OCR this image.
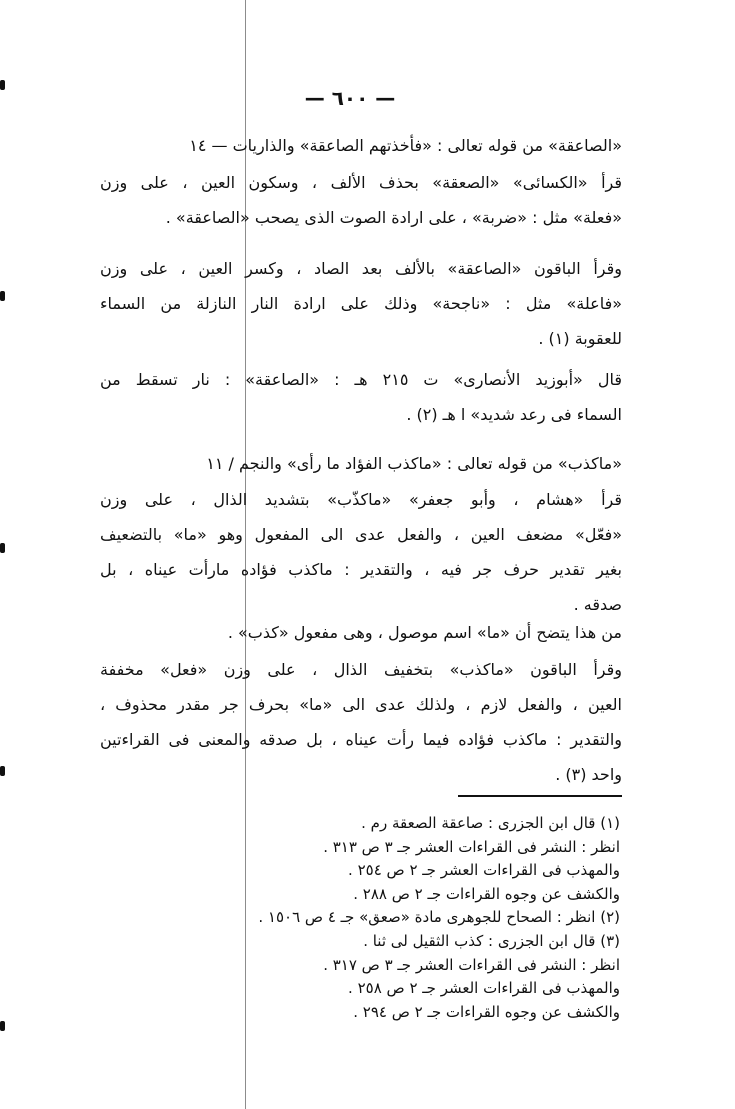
— ٦٠٠ —

«الصاعقة» من قوله تعالى : «فأخذتهم الصاعقة» والذاريات — ١٤

قرأ «الكسائى» «الصعقة» بحذف الألف ، وسكون العين ، على وزن
«فعلة» مثل : «ضربة» ، على ارادة الصوت الذى يصحب «الصاعقة» .

وقرأ الباقون «الصاعقة» بالألف بعد الصاد ، وكسر العين ، على وزن
«فاعلة» مثل : «ناجحة» وذلك على ارادة النار النازلة من السماء
للعقوبة (١) .

قال «أبوزيد الأنصارى» ت ٢١٥ هـ : «الصاعقة» : نار تسقط من
السماء فى رعد شديد» ا هـ (٢) .

«ماكذب» من قوله تعالى : «ماكذب الفؤاد ما رأى» والنجم / ١١

قرأ «هشام ، وأبو جعفر» «ماكذّب» بتشديد الذال ، على وزن
«فعّل» مضعف العين ، والفعل عدى الى المفعول وهو «ما» بالتضعيف
بغير تقدير حرف جر فيه ، والتقدير : ماكذب فؤاده مارأت عيناه ، بل
صدقه .

من هذا يتضح أن «ما» اسم موصول ، وهى مفعول «كذب» .

وقرأ الباقون «ماكذب» بتخفيف الذال ، على وزن «فعل» مخففة
العين ، والفعل لازم ، ولذلك عدى الى «ما» بحرف جر مقدر محذوف ،
والتقدير : ماكذب فؤاده فيما رأت عيناه ، بل صدقه والمعنى فى القراءتين
واحد (٣) .

(١) قال ابن الجزرى : صاعقة الصعقة رم .
انظر : النشر فى القراءات العشر جـ ٣ ص ٣١٣ .
والمهذب فى القراءات العشر جـ ٢ ص ٢٥٤ .
والكشف عن وجوه القراءات جـ ٢ ص ٢٨٨ .
(٢) انظر : الصحاح للجوهرى مادة «صعق» جـ ٤ ص ١٥٠٦ .
(٣) قال ابن الجزرى : كذب الثقيل لى ثنا .
انظر : النشر فى القراءات العشر جـ ٣ ص ٣١٧ .
والمهذب فى القراءات العشر جـ ٢ ص ٢٥٨ .
والكشف عن وجوه القراءات جـ ٢ ص ٢٩٤ .
